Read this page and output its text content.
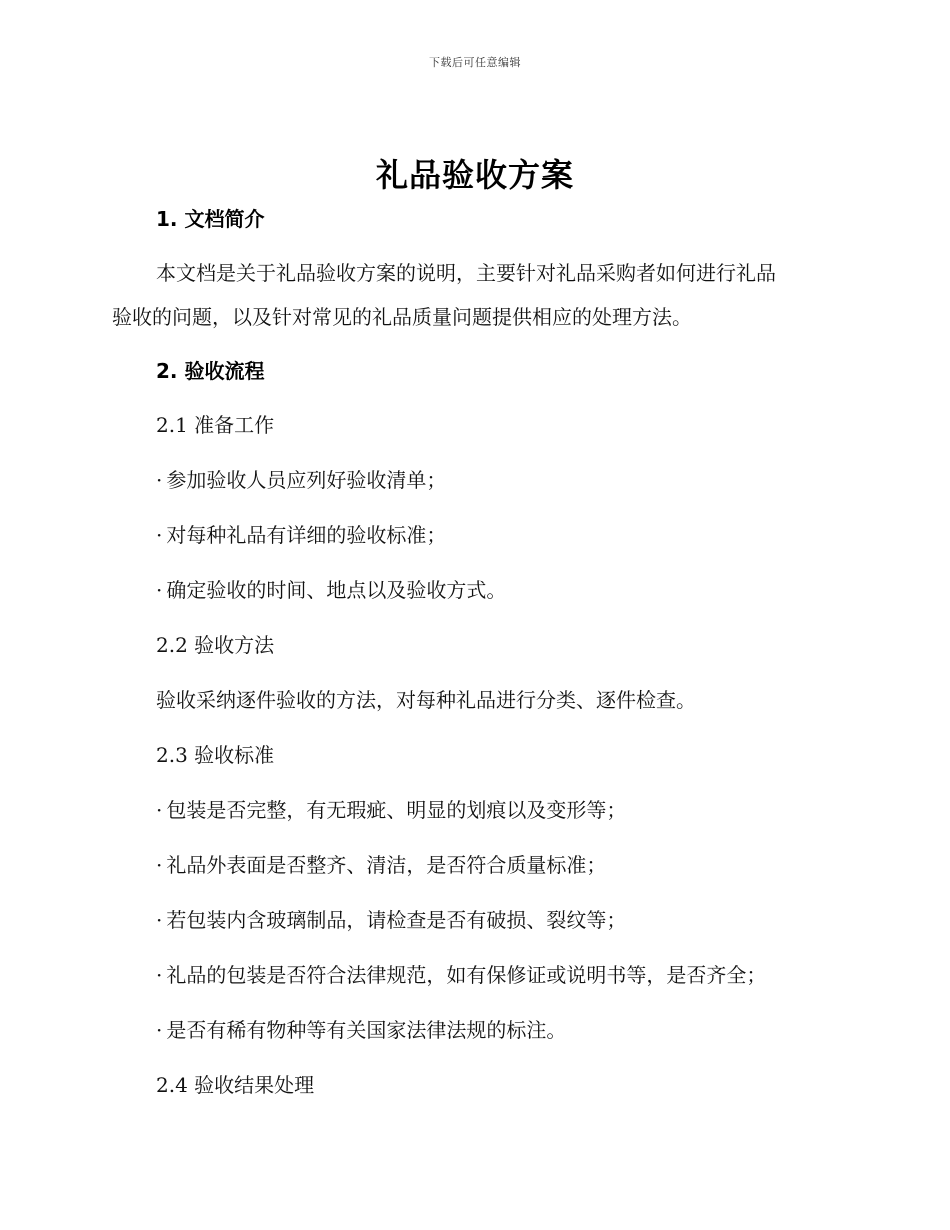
下载后可任意编辑
礼品验收方案
1. 文档简介
本文档是关于礼品验收方案的说明，主要针对礼品采购者如何进行礼品
验收的问题，以及针对常见的礼品质量问题提供相应的处理方法。
2. 验收流程
2.1 准备工作
· 参加验收人员应列好验收清单；
· 对每种礼品有详细的验收标准；
· 确定验收的时间、地点以及验收方式。
2.2 验收方法
验收采纳逐件验收的方法，对每种礼品进行分类、逐件检查。
2.3 验收标准
· 包装是否完整，有无瑕疵、明显的划痕以及变形等；
· 礼品外表面是否整齐、清洁，是否符合质量标准；
· 若包装内含玻璃制品，请检查是否有破损、裂纹等；
· 礼品的包装是否符合法律规范，如有保修证或说明书等，是否齐全；
· 是否有稀有物种等有关国家法律法规的标注。
2.4 验收结果处理
